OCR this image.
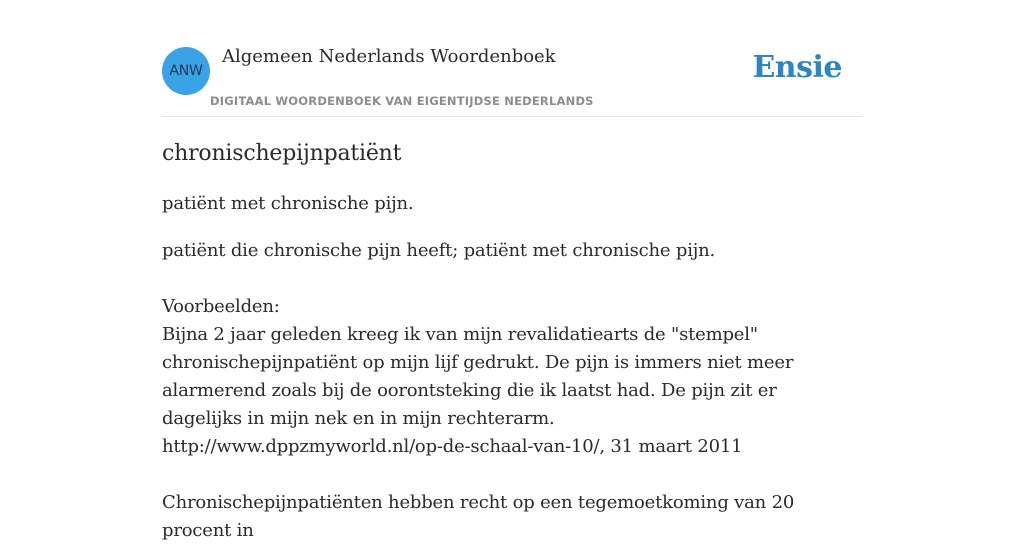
ANW
Algemeen Nederlands Woordenboek
DIGITAAL WOORDENBOEK VAN EIGENTIJDSE NEDERLANDS
Ensie
chronischepijnpatiënt

patiënt met chronische pijn.

patiënt die chronische pijn heeft; patiënt met chronische pijn.

Voorbeelden:

Bijna 2 jaar geleden kreeg ik van mijn revalidatiearts de "stempel" chronischepijnpatiënt op mijn lijf gedrukt. De pijn is immers niet meer alarmerend zoals bij de oorontsteking die ik laatst had. De pijn zit er dagelijks in mijn nek en in mijn rechterarm.

http://www.dppzmyworld.nl/op-de-schaal-van-10/, 31 maart 2011

Chronischepijnpatiënten hebben recht op een tegemoetkoming van 20 procent in
